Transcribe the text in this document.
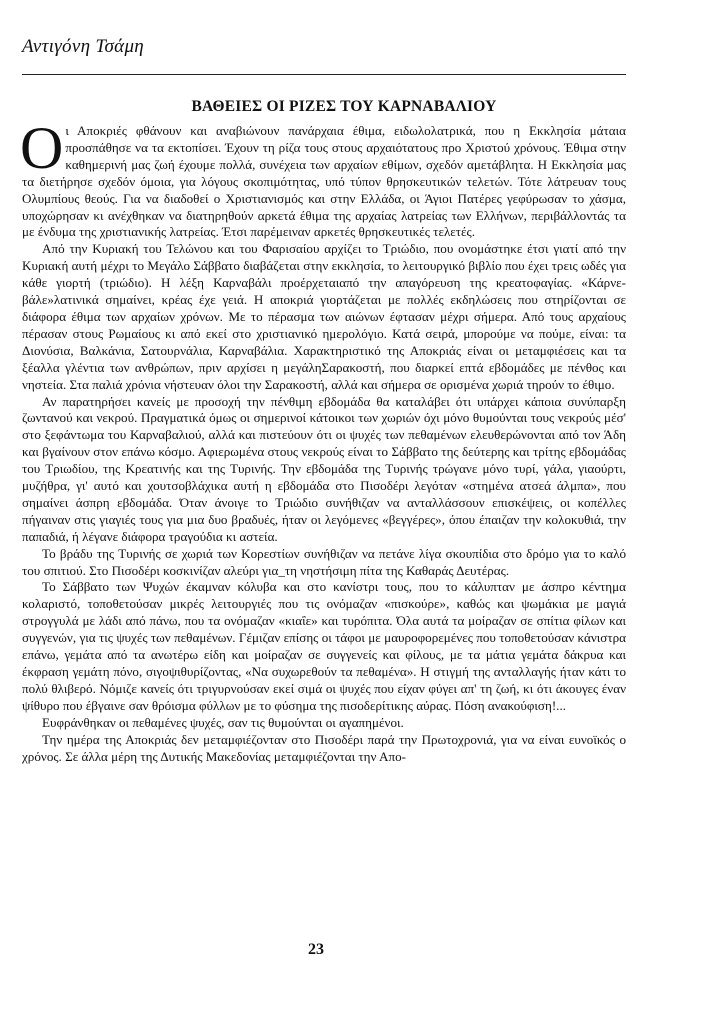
Αντιγόνη Τσάμη
ΒΑΘΕΙΕΣ ΟΙ ΡΙΖΕΣ ΤΟΥ ΚΑΡΝΑΒΑΛΙΟΥ

Οι Αποκριές φθάνουν και αναβιώνουν πανάρχαια έθιμα, ειδωλολατρικά, που η Εκκλησία μάταια προσπάθησε να τα εκτοπίσει. Έχουν τη ρίζα τους στους αρχαιότατους προ Χριστού χρόνους. Έθιμα στην καθημερινή μας ζωή έχουμε πολλά, συνέχεια των αρχαίων εθίμων, σχεδόν αμετάβλητα. Η Εκκλησία μας τα διετήρησε σχεδόν όμοια, για λόγους σκοπιμότητας, υπό τύπον θρησκευτικών τελετών. Τότε λάτρευαν τους Ολυμπίους θεούς. Για να διαδοθεί ο Χριστιανισμός και στην Ελλάδα, οι Άγιοι Πατέρες γεφύρωσαν το χάσμα, υποχώρησαν κι ανέχθηκαν να διατηρηθούν αρκετά έθιμα της αρχαίας λατρείας των Ελλήνων, περιβάλλοντάς τα με ένδυμα της χριστιανικής λατρείας. Έτσι παρέμειναν αρκετές θρησκευτικές τελετές.

Από την Κυριακή του Τελώνου και του Φαρισαίου αρχίζει το Τριώδιο, που ονομάστηκε έτσι γιατί από την Κυριακή αυτή μέχρι το Μεγάλο Σάββατο διαβάζεται στην εκκλησία, το λειτουργικό βιβλίο που έχει τρεις ωδές για κάθε γιορτή (τριώδιο). Η λέξη Καρναβάλι προέρχεταιαπό την απαγόρευση της κρεατοφαγίας. «Κάρνε-βάλε»λατινικά σημαίνει, κρέας έχε γειά. Η αποκριά γιορτάζεται με πολλές εκδηλώσεις που στηρίζονται σε διάφορα έθιμα των αρχαίων χρόνων. Με το πέρασμα των αιώνων έφτασαν μέχρι σήμερα. Από τους αρχαίους πέρασαν στους Ρωμαίους κι από εκεί στο χριστιανικό ημερολόγιο. Κατά σειρά, μπορούμε να πούμε, είναι: τα Διονύσια, Βαλκάνια, Σατουρνάλια, Καρναβάλια. Χαρακτηριστικό της Αποκριάς είναι οι μεταμφιέσεις και τα ξέαλλα γλέντια των ανθρώπων, πριν αρχίσει η μεγάληΣαρακοστή, που διαρκεί επτά εβδομάδες με πένθος και νηστεία. Στα παλιά χρόνια νήστευαν όλοι την Σαρακοστή, αλλά και σήμερα σε ορισμένα χωριά τηρούν το έθιμο.

Αν παρατηρήσει κανείς με προσοχή την πένθιμη εβδομάδα θα καταλάβει ότι υπάρχει κάποια συνύπαρξη ζωντανού και νεκρού. Πραγματικά όμως οι σημερινοί κάτοικοι των χωριών όχι μόνο θυμούνται τους νεκρούς μέσ' στο ξεφάντωμα του Καρναβαλιού, αλλά και πιστεύουν ότι οι ψυχές των πεθαμένων ελευθερώνονται από τον Άδη και βγαίνουν στον επάνω κόσμο. Αφιερωμένα στους νεκρούς είναι το Σάββατο της δεύτερης και τρίτης εβδομάδας του Τριωδίου, της Κρεατινής και της Τυρινής. Την εβδομάδα της Τυρινής τρώγανε μόνο τυρί, γάλα, γιαούρτι, μυζήθρα, γι' αυτό και χουτσοβλάχικα αυτή η εβδομάδα στο Πισοδέρι λεγόταν «στημένα ατσεά άλμπα», που σημαίνει άσπρη εβδομάδα. Όταν άνοιγε το Τριώδιο συνήθιζαν να ανταλλάσσουν επισκέψεις, οι κοπέλλες πήγαιναν στις γιαγιές τους για μια δυο βραδυές, ήταν οι λεγόμενες «βεγγέρες», όπου έπαιζαν την κολοκυθιά, την παπαδιά, ή λέγανε διάφορα τραγούδια κι αστεία.

Το βράδυ της Τυρινής σε χωριά των Κορεστίων συνήθιζαν να πετάνε λίγα σκουπίδια στο δρόμο για το καλό του σπιτιού. Στο Πισοδέρι κοσκινίζαν αλεύρι για_τη νηστήσιμη πίτα της Καθαράς Δευτέρας.

Το Σάββατο των Ψυχών έκαμναν κόλυβα και στο κανίστρι τους, που το κάλυπταν με άσπρο κέντημα κολαριστό, τοποθετούσαν μικρές λειτουργιές που τις ονόμαζαν «πισκούρε», καθώς και ψωμάκια με μαγιά στρογγυλά με λάδι από πάνω, που τα ονόμαζαν «κιαΐε» και τυρόπιτα. Όλα αυτά τα μοίραζαν σε σπίτια φίλων και συγγενών, για τις ψυχές των πεθαμένων. Γέμιζαν επίσης οι τάφοι με μαυροφορεμένες που τοποθετούσαν κάνιστρα επάνω, γεμάτα από τα ανωτέρω είδη και μοίραζαν σε συγγενείς και φίλους, με τα μάτια γεμάτα δάκρυα και έκφραση γεμάτη πόνο, σιγοψιθυρίζοντας, «Να συχωρεθούν τα πεθαμένα». Η στιγμή της ανταλλαγής ήταν κάτι το πολύ θλιβερό. Νόμιζε κανείς ότι τριγυρνούσαν εκεί σιμά οι ψυχές που είχαν φύγει απ' τη ζωή, κι ότι άκουγες έναν ψίθυρο που έβγαινε σαν θρόισμα φύλλων με το φύσημα της πισοδερίτικης αύρας. Πόση ανακούφιση!...

Ευφράνθηκαν οι πεθαμένες ψυχές, σαν τις θυμούνται οι αγαπημένοι.

Την ημέρα της Αποκριάς δεν μεταμφιέζονταν στο Πισοδέρι παρά την Πρωτοχρονιά, για να είναι ευνοϊκός ο χρόνος. Σε άλλα μέρη της Δυτικής Μακεδονίας μεταμφιέζονται την Απο-

23
